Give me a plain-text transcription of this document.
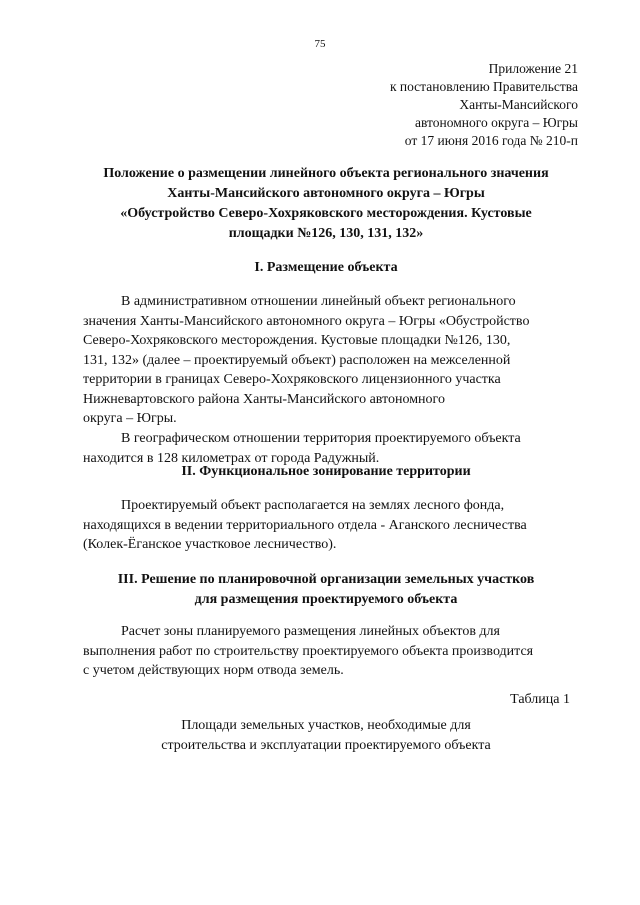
75
Приложение 21
к постановлению Правительства
Ханты-Мансийского
автономного округа – Югры
от 17 июня 2016 года № 210-п
Положение о размещении линейного объекта регионального значения
Ханты-Мансийского автономного округа – Югры
«Обустройство Северо-Хохряковского месторождения. Кустовые
площадки №126, 130, 131, 132»
I. Размещение объекта
В административном отношении линейный объект регионального
значения Ханты-Мансийского автономного округа – Югры «Обустройство
Северо-Хохряковского месторождения. Кустовые площадки №126, 130,
131, 132» (далее – проектируемый объект) расположен на межселенной
территории в границах Северо-Хохряковского лицензионного участка
Нижневартовского района Ханты-Мансийского автономного
округа – Югры.
В географическом отношении территория проектируемого объекта
находится в 128 километрах от города Радужный.
II. Функциональное зонирование территории
Проектируемый объект располагается на землях лесного фонда,
находящихся в ведении территориального отдела - Аганского лесничества
(Колек-Ёганское участковое лесничество).
III. Решение по планировочной организации земельных участков
для размещения проектируемого объекта
Расчет зоны планируемого размещения линейных объектов для
выполнения работ по строительству проектируемого объекта производится
с учетом действующих норм отвода земель.
Таблица 1
Площади земельных участков, необходимые для
строительства и эксплуатации проектируемого объекта
